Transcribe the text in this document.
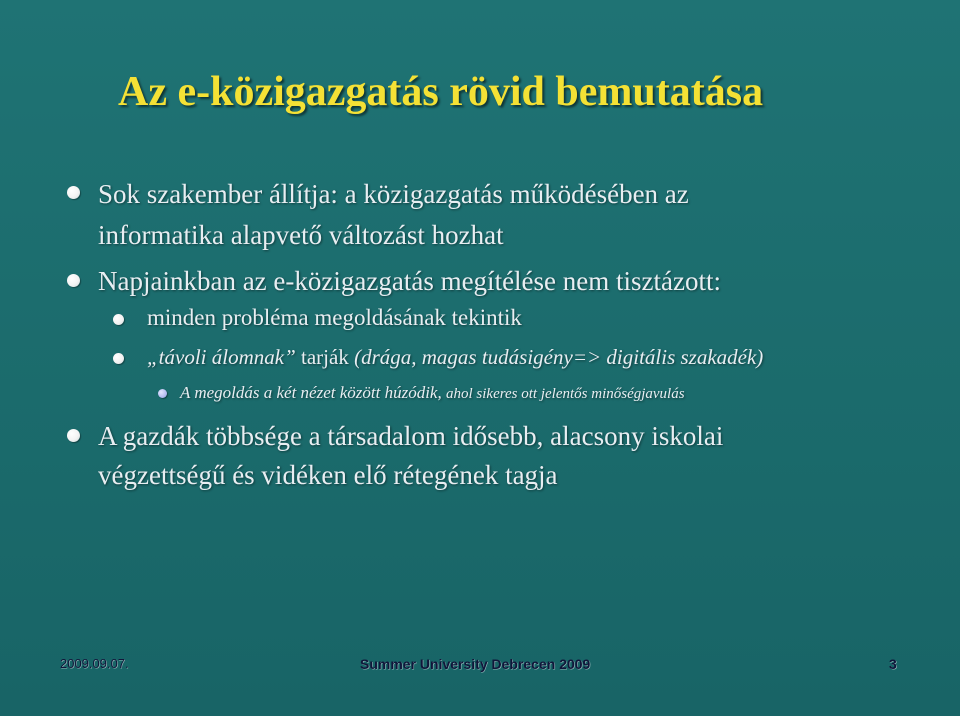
Az e-közigazgatás rövid bemutatása
Sok szakember állítja: a közigazgatás működésében az
informatika alapvető változást hozhat
Napjainkban az e-közigazgatás megítélése nem tisztázott:
minden probléma megoldásának tekintik
„távoli álomnak” tarják (drága, magas tudásigény=> digitális szakadék)
A megoldás a két nézet között húzódik, ahol sikeres ott jelentős minőségjavulás
A gazdák többsége a társadalom idősebb, alacsony iskolai
végzettségű és vidéken elő rétegének tagja
2009.09.07.	Summer University Debrecen 2009	3
